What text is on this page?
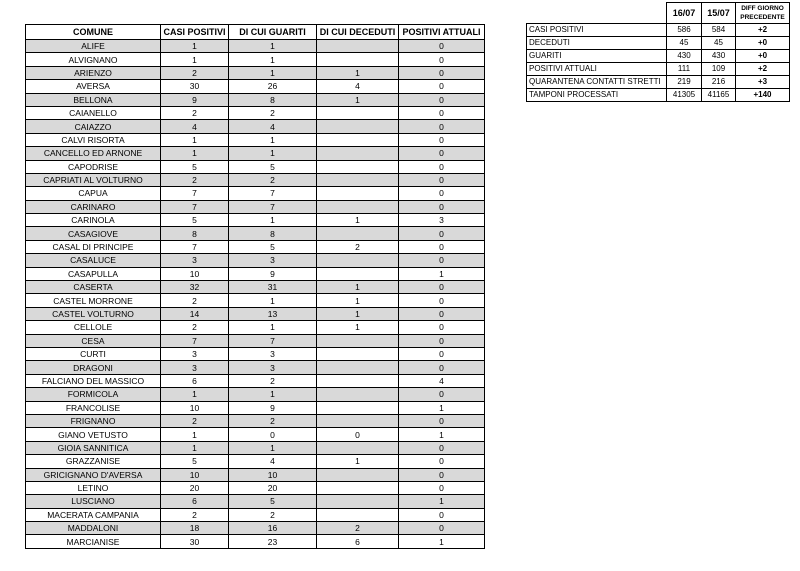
COMUNE	CASI POSITIVI	DI CUI GUARITI	DI CUI DECEDUTI	POSITIVI ATTUALI
ALIFE	1	1		0
ALVIGNANO	1	1		0
ARIENZO	2	1	1	0
AVERSA	30	26	4	0
BELLONA	9	8	1	0
CAIANELLO	2	2		0
CAIAZZO	4	4		0
CALVI RISORTA	1	1		0
CANCELLO ED ARNONE	1	1		0
CAPODRISE	5	5		0
CAPRIATI AL VOLTURNO	2	2		0
CAPUA	7	7		0
CARINARO	7	7		0
CARINOLA	5	1	1	3
CASAGIOVE	8	8		0
CASAL DI PRINCIPE	7	5	2	0
CASALUCE	3	3		0
CASAPULLA	10	9		1
CASERTA	32	31	1	0
CASTEL MORRONE	2	1	1	0
CASTEL VOLTURNO	14	13	1	0
CELLOLE	2	1	1	0
CESA	7	7		0
CURTI	3	3		0
DRAGONI	3	3		0
FALCIANO DEL MASSICO	6	2		4
FORMICOLA	1	1		0
FRANCOLISE	10	9		1
FRIGNANO	2	2		0
GIANO VETUSTO	1	0	0	1
GIOIA SANNITICA	1	1		0
GRAZZANISE	5	4	1	0
GRICIGNANO D'AVERSA	10	10		0
LETINO	20	20		0
LUSCIANO	6	5		1
MACERATA CAMPANIA	2	2		0
MADDALONI	18	16	2	0
MARCIANISE	30	23	6	1
	16/07	15/07	DIFF GIORNO PRECEDENTE
CASI POSITIVI	586	584	+2
DECEDUTI	45	45	+0
GUARITI	430	430	+0
POSITIVI ATTUALI	111	109	+2
QUARANTENA CONTATTI STRETTI	219	216	+3
TAMPONI PROCESSATI	41305	41165	+140
